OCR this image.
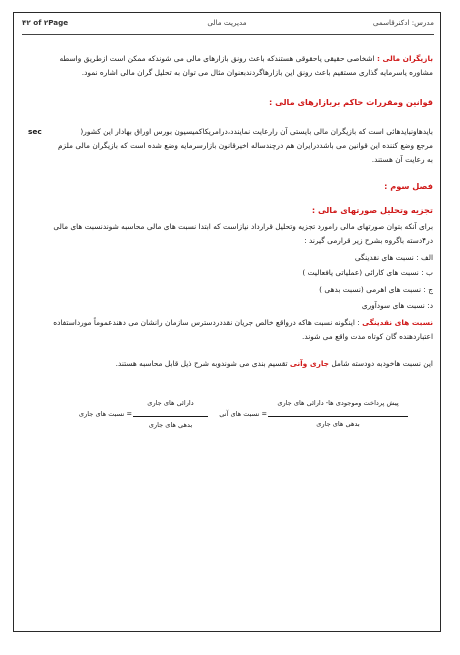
۴۲ of ۲Page	مدیریت مالی	مدرس: ادکنرقاسمی
بازیگران مالی : اشخاصی حقیقی یاحقوقی هستندکه باعث رونق بازارهای مالی می شوندکه ممکن است ازطریق واسطه
مشاوره یاسرمایه گذاری مستقیم باعث رونق این بازارهاگردندبعنوان مثال می توان به تحلیل گران مالی اشاره نمود.
قوانین ومقررات حاکم بربازارهای مالی :
بایدهاونبایدهائی است که بازیگران مالی بایستی آن رارعایت نمایندد،درامریکاکمیسیون بورس اوراق بهادار این کشور(
sec
مرجع وضع کننده این قوانین می باشددرایران هم درچندساله اخیرقانون بازارسرمایه وضع شده است که بازیگران مالی ملزم
به رعایت آن هستند.
فصل سوم :
تجزیه وتحلیل صورتهای مالی :
برای آنکه بتوان صورتهای مالی رامورد تجزیه وتحلیل قرارداد نیازاست که ابتدا نسبت های مالی محاسبه شوندنسبت های مالی
در۴دسته باگروه بشرح زیر قرارمی گیرند :
الف : نسبت های نقدینگی
ب : نسبت های کارائی (عملیاتی یافعالیت )
ج : نسبت های اهرمی (نسبت بدهی )
د: نسبت های سودآوری
نسبت های نقدینگی : اینگونه نسبت هاکه درواقع خالص جریان نقددردسترس سازمان رانشان می دهندعموماً مورداستفاده
اعتباردهنده گان کوتاه مدت واقع می شوند.
این نسبت هاخودبه دودسته شامل جاری وآنی تقسیم بندی می شوندوبه شرح ذیل قابل محاسبه هستند.
پیش پرداخت وموجودی ها- دارائی های جاری
بدهی های جاری
= نسبت های آنی
دارائی های جاری
بدهی های جاری
= نسبت های جاری
